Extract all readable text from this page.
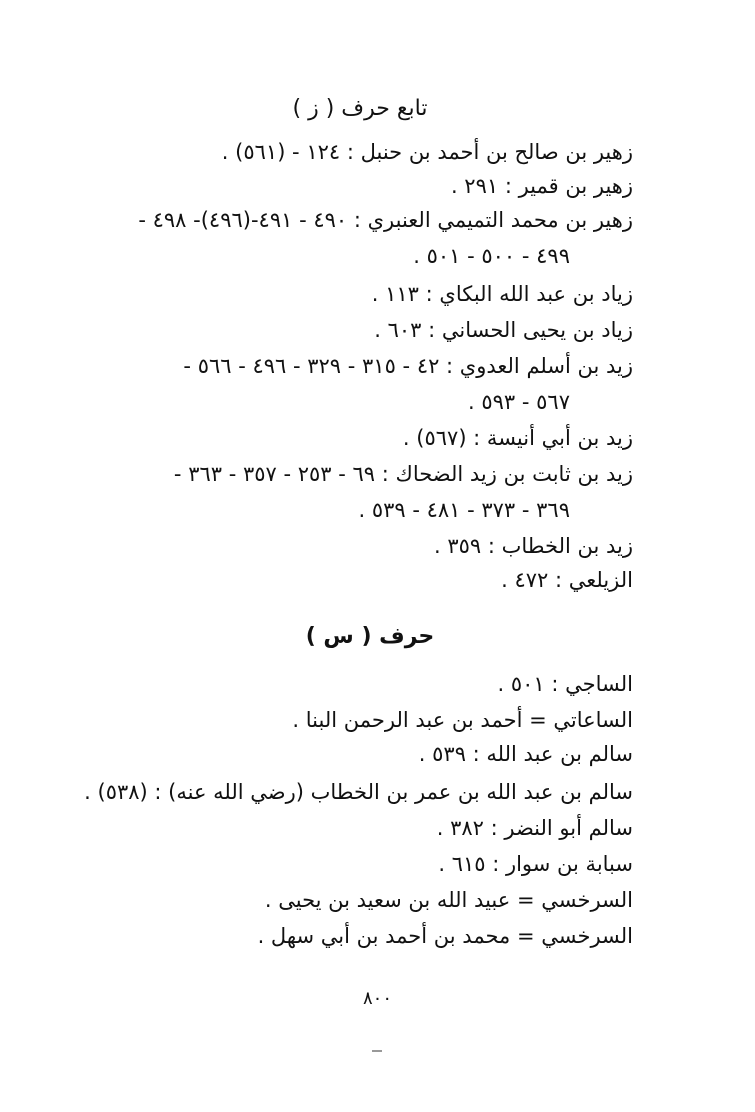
تابع حرف ( ز )
زهير بن صالح بن أحمد بن حنبل : ١٢٤ - (٥٦١) .
زهير بن قمير : ٢٩١ .
زهير بن محمد التميمي العنبري : ٤٩٠ - ٤٩١-(٤٩٦)- ٤٩٨ -
٤٩٩ - ٥٠٠ - ٥٠١ .
زياد بن عبد الله البكاي : ١١٣ .
زياد بن يحيى الحساني : ٦٠٣ .
زيد بن أسلم العدوي : ٤٢ - ٣١٥ - ٣٢٩ - ٤٩٦ - ٥٦٦ -
٥٦٧ - ٥٩٣ .
زيد بن أبي أنيسة : (٥٦٧) .
زيد بن ثابت بن زيد الضحاك : ٦٩ - ٢٥٣ - ٣٥٧ - ٣٦٣ -
٣٦٩ - ٣٧٣ - ٤٨١ - ٥٣٩ .
زيد بن الخطاب : ٣٥٩ .
الزيلعي : ٤٧٢ .
حرف ( س )
الساجي : ٥٠١ .
الساعاتي = أحمد بن عبد الرحمن البنا .
سالم بن عبد الله : ٥٣٩ .
سالم بن عبد الله بن عمر بن الخطاب (رضي الله عنه) : (٥٣٨) .
سالم أبو النضر : ٣٨٢ .
سبابة بن سوار : ٦١٥ .
السرخسي = عبيد الله بن سعيد بن يحيى .
السرخسي = محمد بن أحمد بن أبي سهل .
٨٠٠
